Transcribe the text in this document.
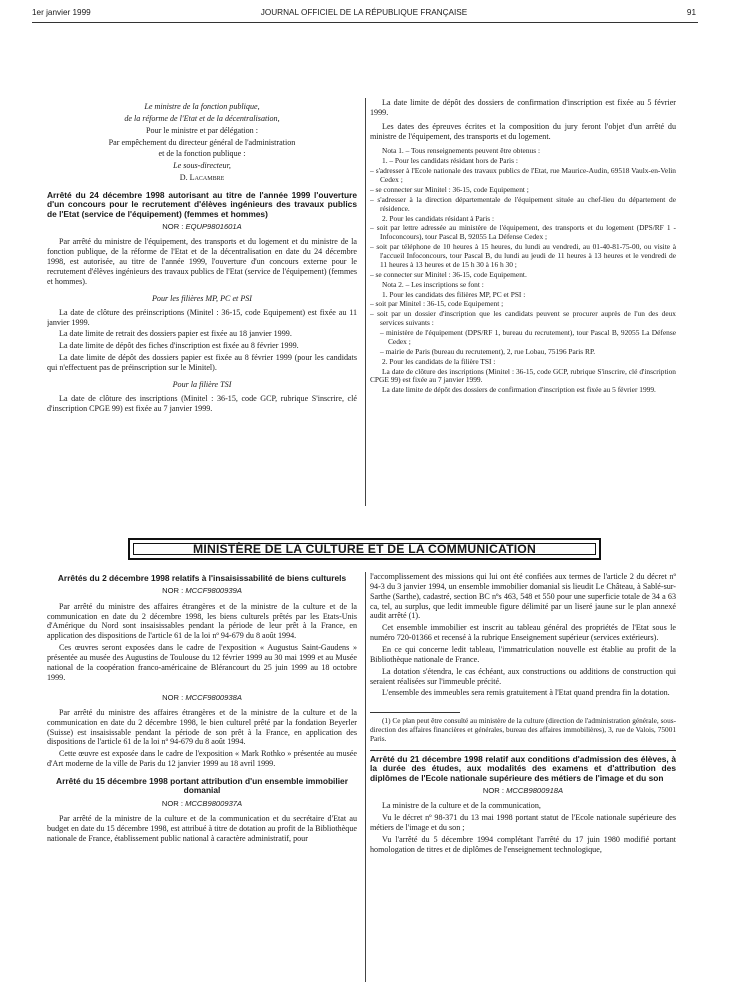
1er janvier 1999	JOURNAL OFFICIEL DE LA RÉPUBLIQUE FRANÇAISE	91

Le ministre de la fonction publique,

de la réforme de l'Etat et de la décentralisation,

Pour le ministre et par délégation :

Par empêchement du directeur général de l'administration

et de la fonction publique :

Le sous-directeur,

D. Lacambre

Arrêté du 24 décembre 1998 autorisant au titre de l'année 1999 l'ouverture d'un concours pour le recrutement d'élèves ingénieurs des travaux publics de l'Etat (service de l'équipement) (femmes et hommes)

NOR : EQUP9801601A

Par arrêté du ministre de l'équipement, des transports et du logement et du ministre de la fonction publique, de la réforme de l'Etat et de la décentralisation en date du 24 décembre 1998, est autorisée, au titre de l'année 1999, l'ouverture d'un concours externe pour le recrutement d'élèves ingénieurs des travaux publics de l'Etat (service de l'équipement) (femmes et hommes).

Pour les filières MP, PC et PSI

La date de clôture des préinscriptions (Minitel : 36-15, code Equipement) est fixée au 11 janvier 1999.

La date limite de retrait des dossiers papier est fixée au 18 janvier 1999.

La date limite de dépôt des fiches d'inscription est fixée au 8 février 1999.

La date limite de dépôt des dossiers papier est fixée au 8 février 1999 (pour les candidats qui n'effectuent pas de préinscription sur le Minitel).

Pour la filière TSI

La date de clôture des inscriptions (Minitel : 36-15, code GCP, rubrique S'inscrire, clé d'inscription CPGE 99) est fixée au 7 janvier 1999.

La date limite de dépôt des dossiers de confirmation d'inscription est fixée au 5 février 1999.

Les dates des épreuves écrites et la composition du jury feront l'objet d'un arrêté du ministre de l'équipement, des transports et du logement.

Nota 1. – Tous renseignements peuvent être obtenus :

1. – Pour les candidats résidant hors de Paris :

– s'adresser à l'Ecole nationale des travaux publics de l'Etat, rue Maurice-Audin, 69518 Vaulx-en-Velin Cedex ;

– se connecter sur Minitel : 36-15, code Equipement ;

– s'adresser à la direction départementale de l'équipement située au chef-lieu du département de résidence.

2. Pour les candidats résidant à Paris :

– soit par lettre adressée au ministère de l'équipement, des transports et du logement (DPS/RF 1 - Infoconcours), tour Pascal B, 92055 La Défense Cedex ;

– soit par téléphone de 10 heures à 15 heures, du lundi au vendredi, au 01-40-81-75-00, ou visite à l'accueil Infoconcours, tour Pascal B, du lundi au jeudi de 11 heures à 13 heures et le vendredi de 11 heures à 13 heures et de 15 h 30 à 16 h 30 ;

– se connecter sur Minitel : 36-15, code Equipement.

Nota 2. – Les inscriptions se font :

1. Pour les candidats des filières MP, PC et PSI :

– soit par Minitel : 36-15, code Equipement ;

– soit par un dossier d'inscription que les candidats peuvent se procurer auprès de l'un des deux services suivants :

– ministère de l'équipement (DPS/RF 1, bureau du recrutement), tour Pascal B, 92055 La Défense Cedex ;

– mairie de Paris (bureau du recrutement), 2, rue Lobau, 75196 Paris RP.

2. Pour les candidats de la filière TSI :

La date de clôture des inscriptions (Minitel : 36-15, code GCP, rubrique S'inscrire, clé d'inscription CPGE 99) est fixée au 7 janvier 1999.

La date limite de dépôt des dossiers de confirmation d'inscription est fixée au 5 février 1999.

MINISTÈRE DE LA CULTURE ET DE LA COMMUNICATION

Arrêtés du 2 décembre 1998 relatifs à l'insaisissabilité de biens culturels

NOR : MCCF9800939A

Par arrêté du ministre des affaires étrangères et de la ministre de la culture et de la communication en date du 2 décembre 1998, les biens culturels prêtés par les Etats-Unis d'Amérique du Nord sont insaisissables pendant la période de leur prêt à la France, en application des dispositions de l'article 61 de la loi nº 94-679 du 8 août 1994.

Ces œuvres seront exposées dans le cadre de l'exposition « Augustus Saint-Gaudens » présentée au musée des Augustins de Toulouse du 12 février 1999 au 30 mai 1999 et au Musée national de la coopération franco-américaine de Blérancourt du 25 juin 1999 au 18 octobre 1999.

NOR : MCCF9800938A

Par arrêté du ministre des affaires étrangères et de la ministre de la culture et de la communication en date du 2 décembre 1998, le bien culturel prêté par la fondation Beyerler (Suisse) est insaisissable pendant la période de son prêt à la France, en application des dispositions de l'article 61 de la loi nº 94-679 du 8 août 1994.

Cette œuvre est exposée dans le cadre de l'exposition « Mark Rothko » présentée au musée d'Art moderne de la ville de Paris du 12 janvier 1999 au 18 avril 1999.

Arrêté du 15 décembre 1998 portant attribution d'un ensemble immobilier domanial

NOR : MCCB9800937A

Par arrêté de la ministre de la culture et de la communication et du secrétaire d'Etat au budget en date du 15 décembre 1998, est attribué à titre de dotation au profit de la Bibliothèque nationale de France, établissement public national à caractère administratif, pour

l'accomplissement des missions qui lui ont été confiées aux termes de l'article 2 du décret nº 94-3 du 3 janvier 1994, un ensemble immobilier domanial sis lieudit Le Château, à Sablé-sur-Sarthe (Sarthe), cadastré, section BC nºs 463, 548 et 550 pour une superficie totale de 34 a 63 ca, tel, au surplus, que ledit immeuble figure délimité par un liseré jaune sur le plan annexé audit arrêté (1).

Cet ensemble immobilier est inscrit au tableau général des propriétés de l'Etat sous le numéro 720-01366 et recensé à la rubrique Enseignement supérieur (services extérieurs).

En ce qui concerne ledit tableau, l'immatriculation nouvelle est établie au profit de la Bibliothèque nationale de France.

La dotation s'étendra, le cas échéant, aux constructions ou additions de construction qui seraient réalisées sur l'immeuble précité.

L'ensemble des immeubles sera remis gratuitement à l'Etat quand prendra fin la dotation.

(1) Ce plan peut être consulté au ministère de la culture (direction de l'administration générale, sous-direction des affaires financières et générales, bureau des affaires immobilières), 3, rue de Valois, 75001 Paris.

Arrêté du 21 décembre 1998 relatif aux conditions d'admission des élèves, à la durée des études, aux modalités des examens et d'attribution des diplômes de l'Ecole nationale supérieure des métiers de l'image et du son

NOR : MCCB9800918A

La ministre de la culture et de la communication,

Vu le décret nº 98-371 du 13 mai 1998 portant statut de l'Ecole nationale supérieure des métiers de l'image et du son ;

Vu l'arrêté du 5 décembre 1994 complétant l'arrêté du 17 juin 1980 modifié portant homologation de titres et de diplômes de l'enseignement technologique,
